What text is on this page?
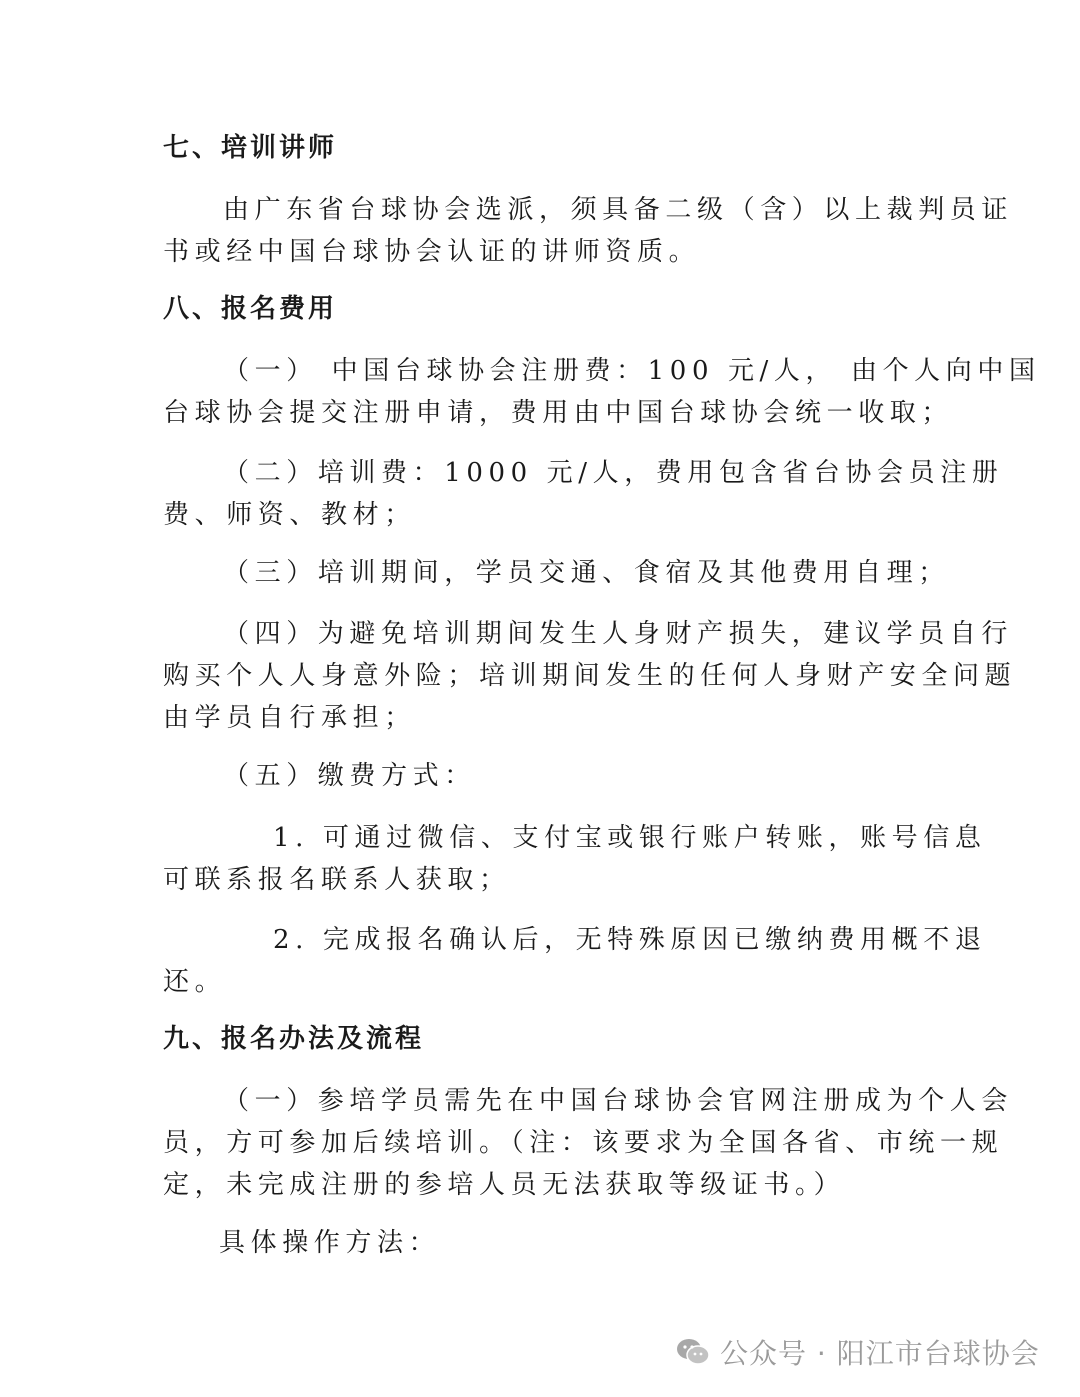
七、培训讲师
由广东省台球协会选派，须具备二级（含）以上裁判员证
书或经中国台球协会认证的讲师资质。
八、报名费用
（一） 中国台球协会注册费：100 元/人， 由个人向中国
台球协会提交注册申请，费用由中国台球协会统一收取；
（二）培训费：1000 元/人，费用包含省台协会员注册
费、师资、教材；
（三）培训期间，学员交通、食宿及其他费用自理；
（四）为避免培训期间发生人身财产损失，建议学员自行
购买个人人身意外险；培训期间发生的任何人身财产安全问题
由学员自行承担；
（五）缴费方式：
1. 可通过微信、支付宝或银行账户转账，账号信息
可联系报名联系人获取；
2. 完成报名确认后，无特殊原因已缴纳费用概不退
还。
九、报名办法及流程
（一）参培学员需先在中国台球协会官网注册成为个人会
员，方可参加后续培训。（注：该要求为全国各省、市统一规
定，未完成注册的参培人员无法获取等级证书。）
具体操作方法：
公众号 · 阳江市台球协会
